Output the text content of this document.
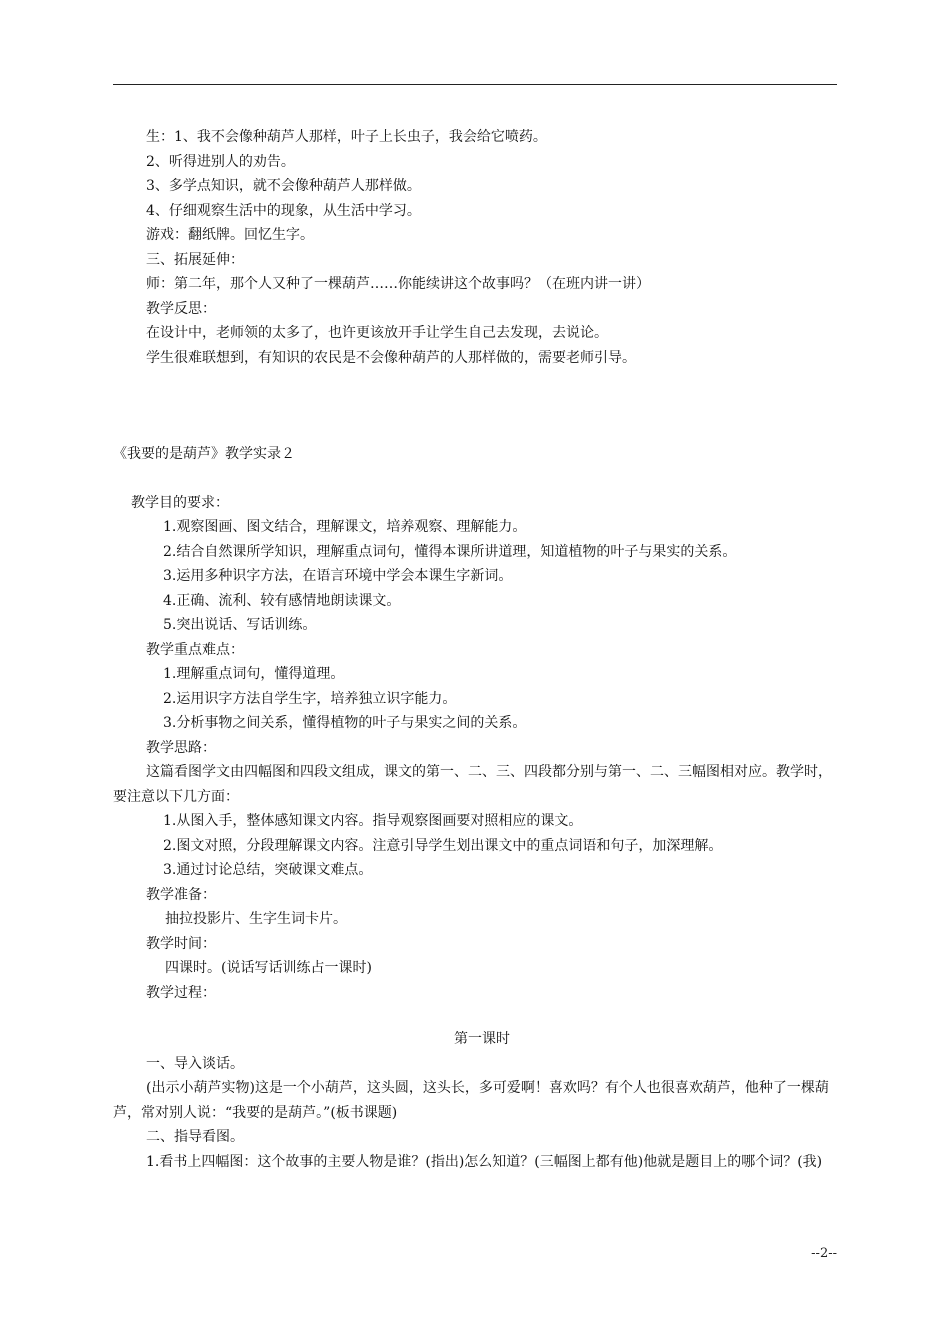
生：1、我不会像种葫芦人那样，叶子上长虫子，我会给它喷药。

2、听得进别人的劝告。

3、多学点知识，就不会像种葫芦人那样做。

4、仔细观察生活中的现象，从生活中学习。

游戏：翻纸牌。回忆生字。

三、拓展延伸：

师：第二年，那个人又种了一棵葫芦……你能续讲这个故事吗？（在班内讲一讲）

教学反思：

在设计中，老师领的太多了，也许更该放开手让学生自己去发现，去说论。

学生很难联想到，有知识的农民是不会像种葫芦的人那样做的，需要老师引导。

《我要的是葫芦》教学实录２

教学目的要求：

1.观察图画、图文结合，理解课文，培养观察、理解能力。

2.结合自然课所学知识，理解重点词句，懂得本课所讲道理，知道植物的叶子与果实的关系。

3.运用多种识字方法，在语言环境中学会本课生字新词。

4.正确、流利、较有感情地朗读课文。

5.突出说话、写话训练。

教学重点难点：

1.理解重点词句，懂得道理。

2.运用识字方法自学生字，培养独立识字能力。

3.分析事物之间关系，懂得植物的叶子与果实之间的关系。

教学思路：

这篇看图学文由四幅图和四段文组成，课文的第一、二、三、四段都分别与第一、二、三幅图相对应。教学时，要注意以下几方面：

1.从图入手，整体感知课文内容。指导观察图画要对照相应的课文。

2.图文对照，分段理解课文内容。注意引导学生划出课文中的重点词语和句子，加深理解。

3.通过讨论总结，突破课文难点。

教学准备：

抽拉投影片、生字生词卡片。

教学时间：

四课时。(说话写话训练占一课时)

教学过程：

第一课时

一、导入谈话。

(出示小葫芦实物)这是一个小葫芦，这头圆，这头长，多可爱啊！喜欢吗？有个人也很喜欢葫芦，他种了一棵葫芦，常对别人说：“我要的是葫芦。”(板书课题)

二、指导看图。

1.看书上四幅图：这个故事的主要人物是谁？(指出)怎么知道？(三幅图上都有他)他就是题目上的哪个词？(我)

--2--
